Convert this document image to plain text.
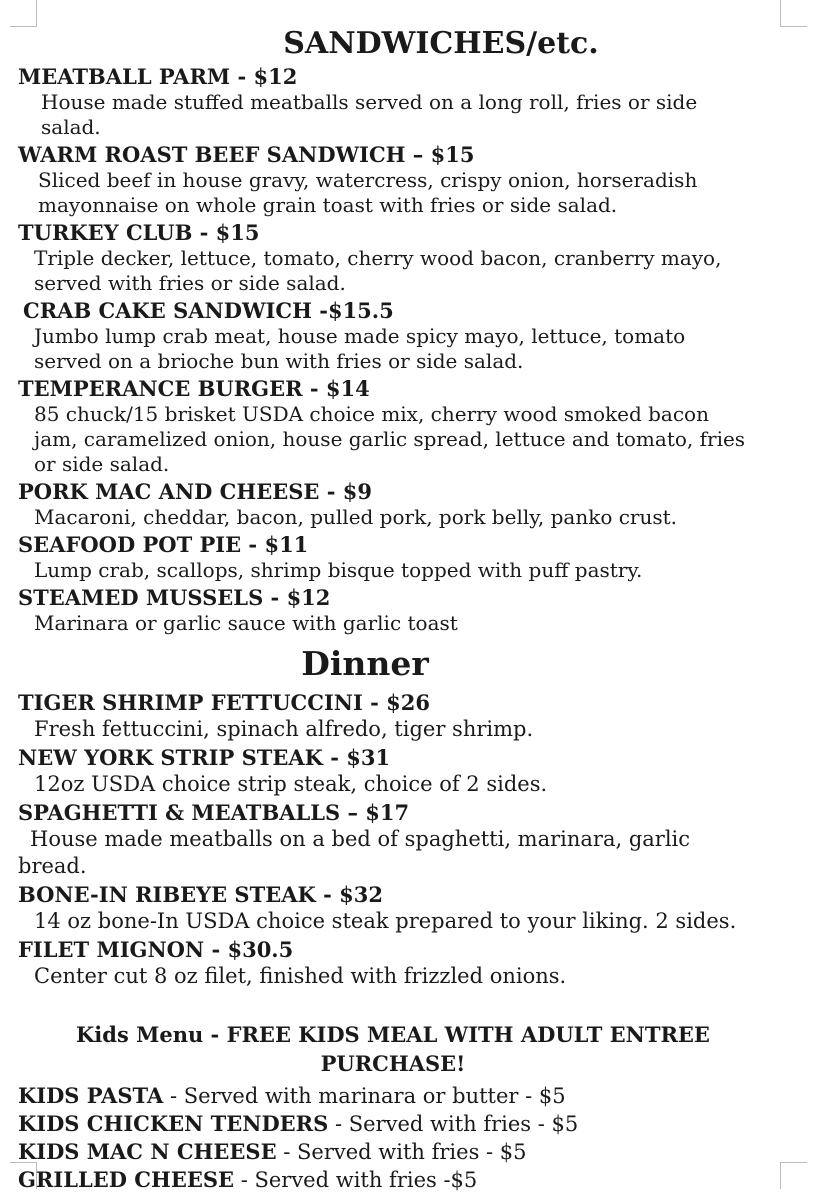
SANDWICHES/etc.
MEATBALL PARM - $12
House made stuffed meatballs served on a long roll, fries or side salad.
WARM ROAST BEEF SANDWICH – $15
Sliced beef in house gravy, watercress, crispy onion, horseradish mayonnaise on whole grain toast with fries or side salad.
TURKEY CLUB - $15
Triple decker, lettuce, tomato, cherry wood bacon, cranberry mayo, served with fries or side salad.
CRAB CAKE SANDWICH -$15.5
Jumbo lump crab meat, house made spicy mayo, lettuce, tomato served on a brioche bun with fries or side salad.
TEMPERANCE BURGER - $14
85 chuck/15 brisket USDA choice mix, cherry wood smoked bacon jam, caramelized onion, house garlic spread, lettuce and tomato, fries or side salad.
PORK MAC AND CHEESE - $9
Macaroni, cheddar, bacon, pulled pork, pork belly, panko crust.
SEAFOOD POT PIE - $11
Lump crab, scallops, shrimp bisque topped with puff pastry.
STEAMED MUSSELS - $12
Marinara or garlic sauce with garlic toast
Dinner
TIGER SHRIMP FETTUCCINI - $26
Fresh fettuccini, spinach alfredo, tiger shrimp.
NEW YORK STRIP STEAK - $31
12oz USDA choice strip steak, choice of 2 sides.
SPAGHETTI & MEATBALLS – $17
House made meatballs on a bed of spaghetti, marinara, garlic bread.
BONE-IN RIBEYE STEAK - $32
14 oz bone-In USDA choice steak prepared to your liking. 2 sides.
FILET MIGNON - $30.5
Center cut 8 oz filet, finished with frizzled onions.
Kids Menu - FREE KIDS MEAL WITH ADULT ENTREE PURCHASE!

KIDS PASTA - Served with marinara or butter - $5

KIDS CHICKEN TENDERS - Served with fries - $5

KIDS MAC N CHEESE - Served with fries - $5

GRILLED CHEESE - Served with fries -$5
